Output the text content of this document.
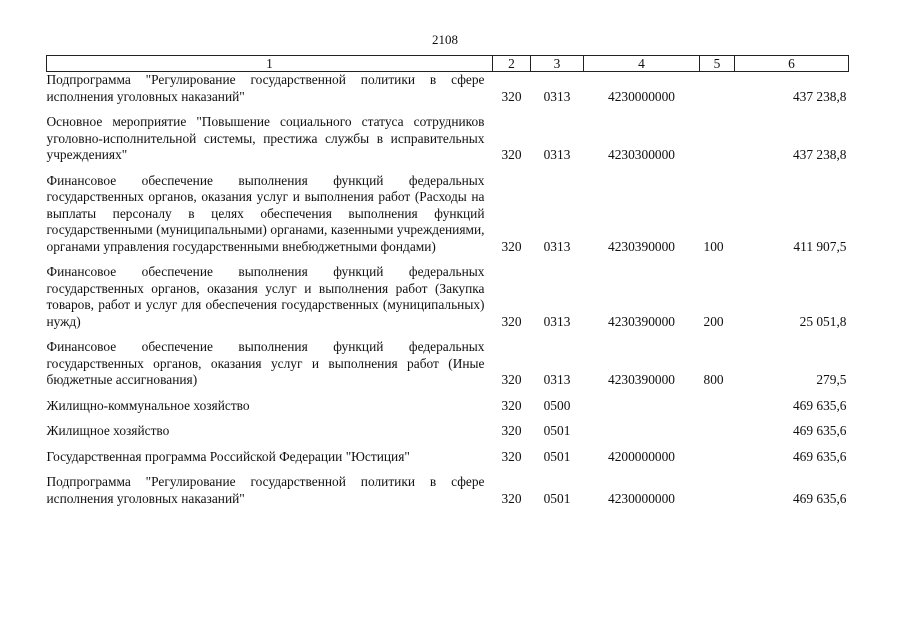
2108
1	2	3	4	5	6
Подпрограмма "Регулирование государственной политики в сфере исполнения уголовных наказаний"	320	0313	4230000000		437 238,8

Основное мероприятие "Повышение социального статуса сотрудников уголовно-исполнительной системы, престижа службы в исправительных учреждениях"	320	0313	4230300000		437 238,8

Финансовое обеспечение выполнения функций федеральных государственных органов, оказания услуг и выполнения работ (Расходы на выплаты персоналу в целях обеспечения выполнения функций государственными (муниципальными) органами, казенными учреждениями, органами управления государственными внебюджетными фондами)	320	0313	4230390000	100	411 907,5

Финансовое обеспечение выполнения функций федеральных государственных органов, оказания услуг и выполнения работ (Закупка товаров, работ и услуг для обеспечения государственных (муниципальных) нужд)	320	0313	4230390000	200	25 051,8

Финансовое обеспечение выполнения функций федеральных государственных органов, оказания услуг и выполнения работ (Иные бюджетные ассигнования)	320	0313	4230390000	800	279,5

Жилищно-коммунальное хозяйство	320	0500			469 635,6

Жилищное хозяйство	320	0501			469 635,6

Государственная программа Российской Федерации "Юстиция"	320	0501	4200000000		469 635,6

Подпрограмма "Регулирование государственной политики в сфере исполнения уголовных наказаний"	320	0501	4230000000		469 635,6
